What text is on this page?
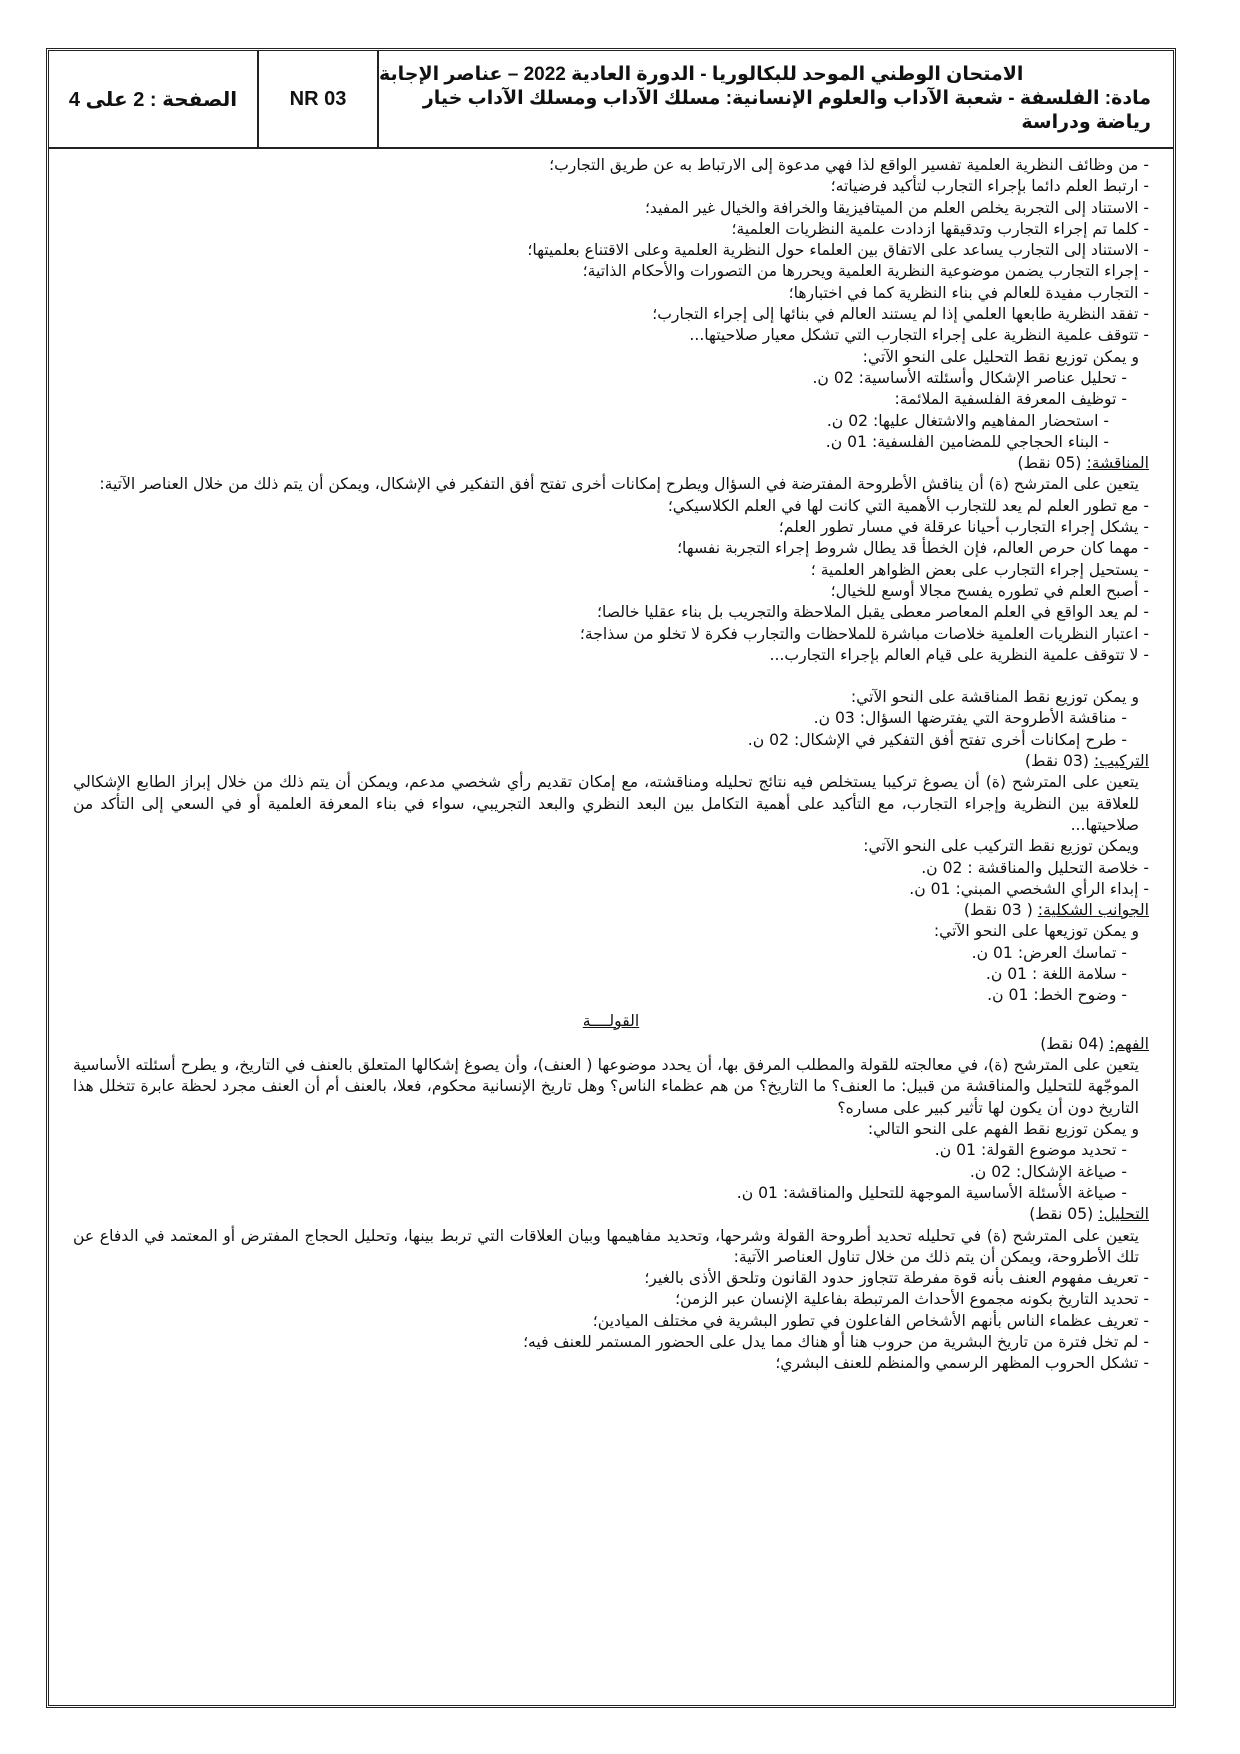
الصفحة : 2 على 4	NR 03
الامتحان الوطني الموحد للبكالوريا - الدورة العادية 2022 – عناصر الإجابة
مادة: الفلسفة - شعبة الآداب والعلوم الإنسانية: مسلك الآداب ومسلك الآداب خيار رياضة ودراسة
- من وظائف النظرية العلمية تفسير الواقع لذا فهي مدعوة إلى الارتباط به عن طريق التجارب؛
- ارتبط العلم دائما بإجراء التجارب لتأكيد فرضياته؛
- الاستناد إلى التجربة يخلص العلم من الميتافيزيقا والخرافة والخيال غير المفيد؛
- كلما تم إجراء التجارب وتدقيقها ازدادت علمية النظريات العلمية؛
- الاستناد إلى التجارب يساعد على الاتفاق بين العلماء حول النظرية العلمية وعلى الاقتناع بعلميتها؛
- إجراء التجارب يضمن موضوعية النظرية العلمية ويحررها من التصورات والأحكام الذاتية؛
- التجارب مفيدة للعالم في بناء النظرية كما في اختبارها؛
- تفقد النظرية طابعها العلمي إذا لم يستند العالم في بنائها إلى إجراء التجارب؛
- تتوقف علمية النظرية على إجراء التجارب التي تشكل معيار صلاحيتها...
و يمكن توزيع نقط التحليل على النحو الآتي:
- تحليل عناصر الإشكال وأسئلته الأساسية: 02 ن.
- توظيف المعرفة الفلسفية الملائمة:
- استحضار المفاهيم والاشتغال عليها: 02 ن.
- البناء الحجاجي للمضامين الفلسفية: 01 ن.
المناقشة: (05 نقط)
يتعين على المترشح (ة) أن يناقش الأطروحة المفترضة في السؤال ويطرح إمكانات أخرى تفتح أفق التفكير في الإشكال، ويمكن أن يتم ذلك من خلال العناصر الآتية:
- مع تطور العلم لم يعد للتجارب الأهمية التي كانت لها في العلم الكلاسيكي؛
- يشكل إجراء التجارب أحيانا عرقلة في مسار تطور العلم؛
- مهما كان حرص العالم، فإن الخطأ قد يطال شروط إجراء التجربة نفسها؛
- يستحيل إجراء التجارب على بعض الظواهر العلمية ؛
- أصبح العلم في تطوره يفسح مجالا أوسع للخيال؛
- لم يعد الواقع في العلم المعاصر معطى يقبل الملاحظة والتجريب بل بناء عقليا خالصا؛
- اعتبار النظريات العلمية خلاصات مباشرة للملاحظات والتجارب فكرة لا تخلو من سذاجة؛
- لا تتوقف علمية النظرية على قيام العالم بإجراء التجارب...
و يمكن توزيع نقط المناقشة على النحو الآتي:
- مناقشة الأطروحة التي يفترضها السؤال: 03 ن.
- طرح إمكانات أخرى تفتح أفق التفكير في الإشكال: 02 ن.
التركيب: (03 نقط)
يتعين على المترشح (ة) أن يصوغ تركيبا يستخلص فيه نتائج تحليله ومناقشته، مع إمكان تقديم رأي شخصي مدعم، ويمكن أن يتم ذلك من خلال إبراز الطابع الإشكالي للعلاقة بين النظرية وإجراء التجارب، مع التأكيد على أهمية التكامل بين البعد النظري والبعد التجريبي، سواء في بناء المعرفة العلمية أو في السعي إلى التأكد من صلاحيتها...
ويمكن توزيع نقط التركيب على النحو الآتي:
- خلاصة التحليل والمناقشة : 02 ن.
- إبداء الرأي الشخصي المبني: 01 ن.
الجوانب الشكلية: ( 03 نقط)
و يمكن توزيعها على النحو الآتي:
- تماسك العرض: 01 ن.
- سلامة اللغة : 01 ن.
- وضوح الخط: 01 ن.
القولــــة
الفهم: (04 نقط)
يتعين على المترشح (ة)، في معالجته للقولة والمطلب المرفق بها، أن يحدد موضوعها ( العنف)، وأن يصوغ إشكالها المتعلق بالعنف في التاريخ، و يطرح أسئلته الأساسية الموجّهة للتحليل والمناقشة من قبيل: ما العنف؟ ما التاريخ؟ من هم عظماء الناس؟ وهل تاريخ الإنسانية محكوم، فعلا، بالعنف أم أن العنف مجرد لحظة عابرة تتخلل هذا التاريخ دون أن يكون لها تأثير كبير على مساره؟
و يمكن توزيع نقط الفهم على النحو التالي:
- تحديد موضوع القولة: 01 ن.
- صياغة الإشكال: 02 ن.
- صياغة الأسئلة الأساسية الموجهة للتحليل والمناقشة: 01 ن.
التحليل: (05 نقط)
يتعين على المترشح (ة) في تحليله تحديد أطروحة القولة وشرحها، وتحديد مفاهيمها وبيان العلاقات التي تربط بينها، وتحليل الحجاج المفترض أو المعتمد في الدفاع عن تلك الأطروحة، ويمكن أن يتم ذلك من خلال تناول العناصر الآتية:
- تعريف مفهوم العنف بأنه قوة مفرطة تتجاوز حدود القانون وتلحق الأذى بالغير؛
- تحديد التاريخ بكونه مجموع الأحداث المرتبطة بفاعلية الإنسان عبر الزمن؛
- تعريف عظماء الناس بأنهم الأشخاص الفاعلون في تطور البشرية في مختلف الميادين؛
- لم تخل فترة من تاريخ البشرية من حروب هنا أو هناك مما يدل على الحضور المستمر للعنف فيه؛
- تشكل الحروب المظهر الرسمي والمنظم للعنف البشري؛
